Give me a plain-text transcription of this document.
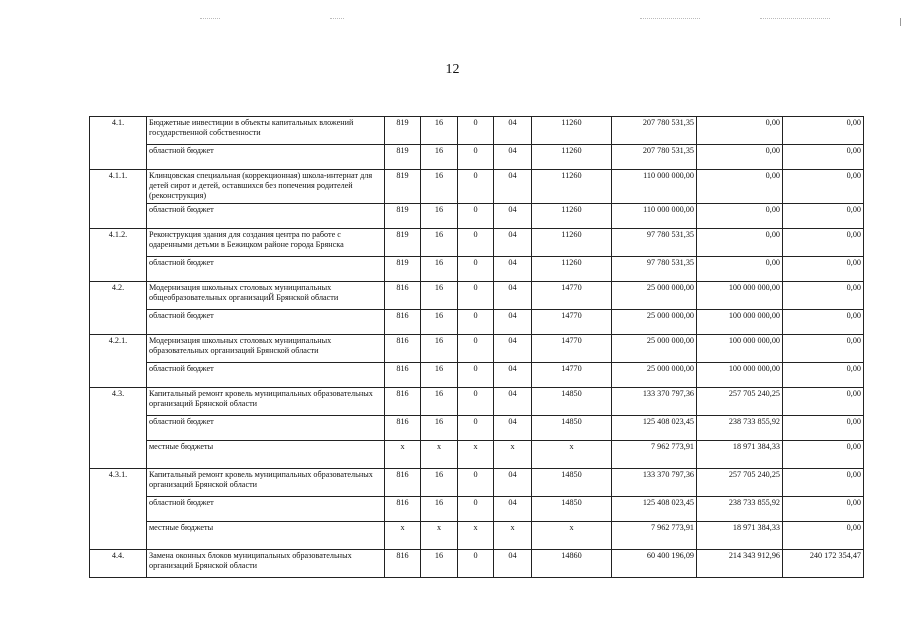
12
4.1.	Бюджетные инвестиции в объекты капитальных вложений государственной собственности	819	16	0	04	11260	207 780 531,35	0,00	0,00
	областной бюджет	819	16	0	04	11260	207 780 531,35	0,00	0,00
4.1.1.	Клинцовская специальная (коррекционная) школа-интернат для детей сирот и детей, оставшихся без попечения родителей (реконструкция)	819	16	0	04	11260	110 000 000,00	0,00	0,00
	областной бюджет	819	16	0	04	11260	110 000 000,00	0,00	0,00
4.1.2.	Реконструкция здания для создания центра по работе с одаренными детьми в Бежицком районе города Брянска	819	16	0	04	11260	97 780 531,35	0,00	0,00
	областной бюджет	819	16	0	04	11260	97 780 531,35	0,00	0,00
4.2.	Модернизация школьных столовых муниципальных общеобразовательных организациЙ Брянской области	816	16	0	04	14770	25 000 000,00	100 000 000,00	0,00
	областной бюджет	816	16	0	04	14770	25 000 000,00	100 000 000,00	0,00
4.2.1.	Модернизация школьных столовых муниципальных образовательных организаций Брянской области	816	16	0	04	14770	25 000 000,00	100 000 000,00	0,00
	областной бюджет	816	16	0	04	14770	25 000 000,00	100 000 000,00	0,00
4.3.	Капитальный ремонт кровель муниципальных образовательных организаций Брянской области	816	16	0	04	14850	133 370 797,36	257 705 240,25	0,00
	областной бюджет	816	16	0	04	14850	125 408 023,45	238 733 855,92	0,00
	местные бюджеты	x	x	x	x	x	7 962 773,91	18 971 384,33	0,00
4.3.1.	Капитальный ремонт кровель муниципальных образовательных организаций Брянской области	816	16	0	04	14850	133 370 797,36	257 705 240,25	0,00
	областной бюджет	816	16	0	04	14850	125 408 023,45	238 733 855,92	0,00
	местные бюджеты	x	x	x	x	x	7 962 773,91	18 971 384,33	0,00
4.4.	Замена оконных блоков муниципальных образовательных организаций Брянской области	816	16	0	04	14860	60 400 196,09	214 343 912,96	240 172 354,47
